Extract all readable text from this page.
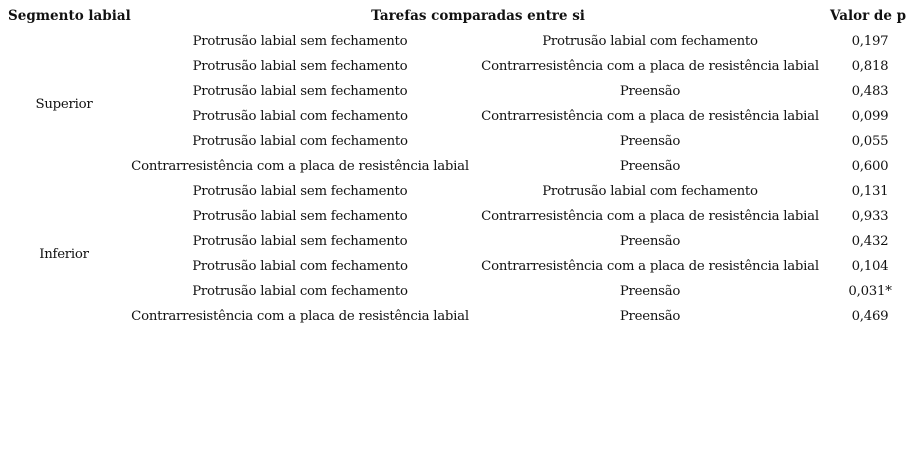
Segmento labial	Tarefas comparadas entre si		Valor de p
Superior	Protrusão labial sem fechamento	Protrusão labial com fechamento	0,197
	Protrusão labial sem fechamento	Contrarresistência com a placa de resistência labial	0,818
	Protrusão labial sem fechamento	Preensão	0,483
	Protrusão labial com fechamento	Contrarresistência com a placa de resistência labial	0,099
	Protrusão labial com fechamento	Preensão	0,055
	Contrarresistência com a placa de resistência labial	Preensão	0,600
Inferior	Protrusão labial sem fechamento	Protrusão labial com fechamento	0,131
	Protrusão labial sem fechamento	Contrarresistência com a placa de resistência labial	0,933
	Protrusão labial sem fechamento	Preensão	0,432
	Protrusão labial com fechamento	Contrarresistência com a placa de resistência labial	0,104
	Protrusão labial com fechamento	Preensão	0,031*
	Contrarresistência com a placa de resistência labial	Preensão	0,469
